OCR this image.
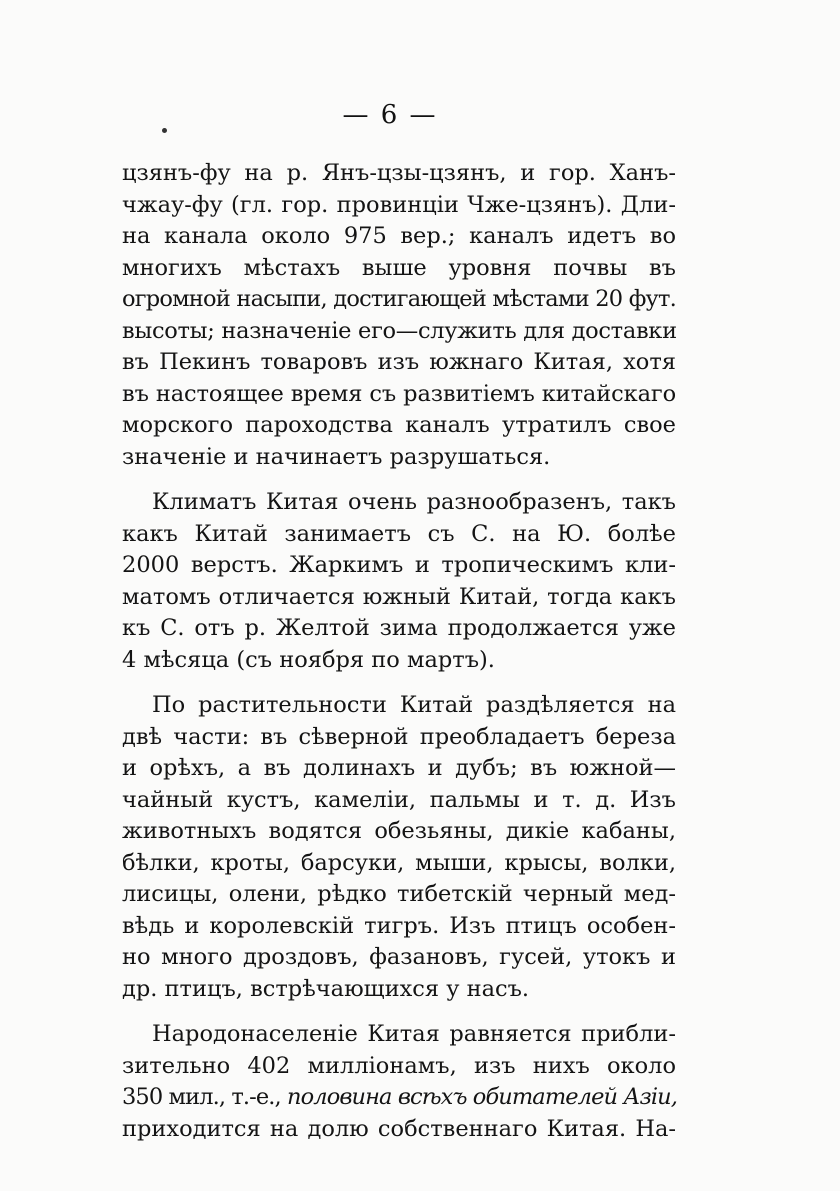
— 6 —

цзянъ-фу на р. Янъ-цзы-цзянъ, и гор. Ханъ-
чжау-фу (гл. гор. провинціи Чже-цзянъ). Дли-
на канала около 975 вер.; каналъ идетъ во
многихъ мѣстахъ выше уровня почвы въ
огромной насыпи, достигающей мѣстами 20 фут.
высоты; назначеніе его—служить для доставки
въ Пекинъ товаровъ изъ южнаго Китая, хотя
въ настоящее время съ развитіемъ китайскаго
морского пароходства каналъ утратилъ свое
значеніе и начинаетъ разрушаться.

Климатъ Китая очень разнообразенъ, такъ
какъ Китай занимаетъ съ С. на Ю. болѣе
2000 верстъ. Жаркимъ и тропическимъ кли-
матомъ отличается южный Китай, тогда какъ
къ С. отъ р. Желтой зима продолжается уже
4 мѣсяца (съ ноября по мартъ).

По растительности Китай раздѣляется на
двѣ части: въ сѣверной преобладаетъ береза
и орѣхъ, а въ долинахъ и дубъ; въ южной—
чайный кустъ, камеліи, пальмы и т. д. Изъ
животныхъ водятся обезьяны, дикіе кабаны,
бѣлки, кроты, барсуки, мыши, крысы, волки,
лисицы, олени, рѣдко тибетскій черный мед-
вѣдь и королевскій тигръ. Изъ птицъ особен-
но много дроздовъ, фазановъ, гусей, утокъ и
др. птицъ, встрѣчающихся у насъ.

Народонаселеніе Китая равняется прибли-
зительно 402 милліонамъ, изъ нихъ около
350 мил., т.-е., половина всѣхъ обитателей Азіи,
приходится на долю собственнаго Китая. На-
